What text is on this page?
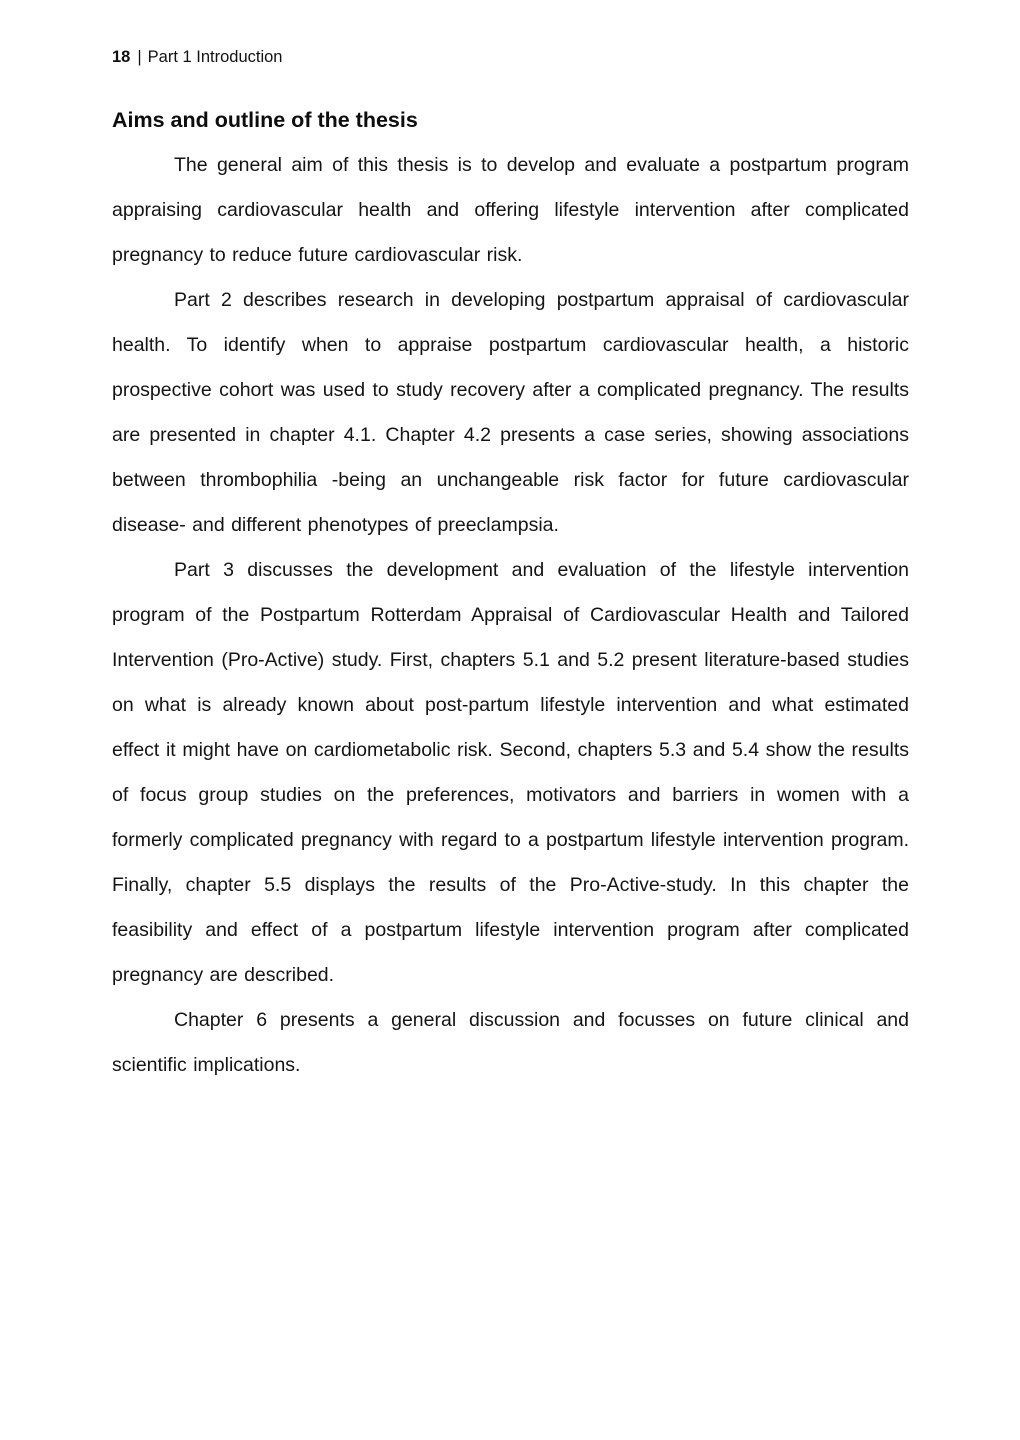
18 | Part 1 Introduction
Aims and outline of the thesis

The general aim of this thesis is to develop and evaluate a postpartum program appraising cardiovascular health and offering lifestyle intervention after complicated pregnancy to reduce future cardiovascular risk.

Part 2 describes research in developing postpartum appraisal of cardiovascular health. To identify when to appraise postpartum cardiovascular health, a historic prospective cohort was used to study recovery after a complicated pregnancy. The results are presented in chapter 4.1. Chapter 4.2 presents a case series, showing associations between thrombophilia -being an unchangeable risk factor for future cardiovascular disease- and different phenotypes of preeclampsia.

Part 3 discusses the development and evaluation of the lifestyle intervention program of the Postpartum Rotterdam Appraisal of Cardiovascular Health and Tailored Intervention (Pro-Active) study. First, chapters 5.1 and 5.2 present literature-based studies on what is already known about post-partum lifestyle intervention and what estimated effect it might have on cardiometabolic risk. Second, chapters 5.3 and 5.4 show the results of focus group studies on the preferences, motivators and barriers in women with a formerly complicated pregnancy with regard to a postpartum lifestyle intervention program. Finally, chapter 5.5 displays the results of the Pro-Active-study. In this chapter the feasibility and effect of a postpartum lifestyle intervention program after complicated pregnancy are described.

Chapter 6 presents a general discussion and focusses on future clinical and scientific implications.
